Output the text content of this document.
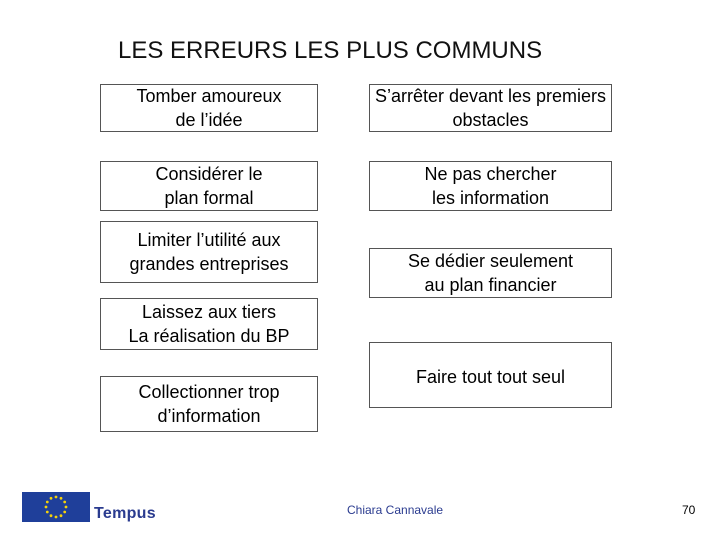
LES ERREURS LES PLUS COMMUNS
Tomber amoureux
de l’idée
S’arrêter devant les premiers
obstacles
Considérer le
plan formal
Ne pas chercher
les information
Limiter l’utilité aux
grandes entreprises	Se dédier seulement
au plan financier
Laissez aux tiers
La réalisation du BP
Faire tout tout seul
Collectionner trop
d’information
Tempus	Chiara Cannavale	70
